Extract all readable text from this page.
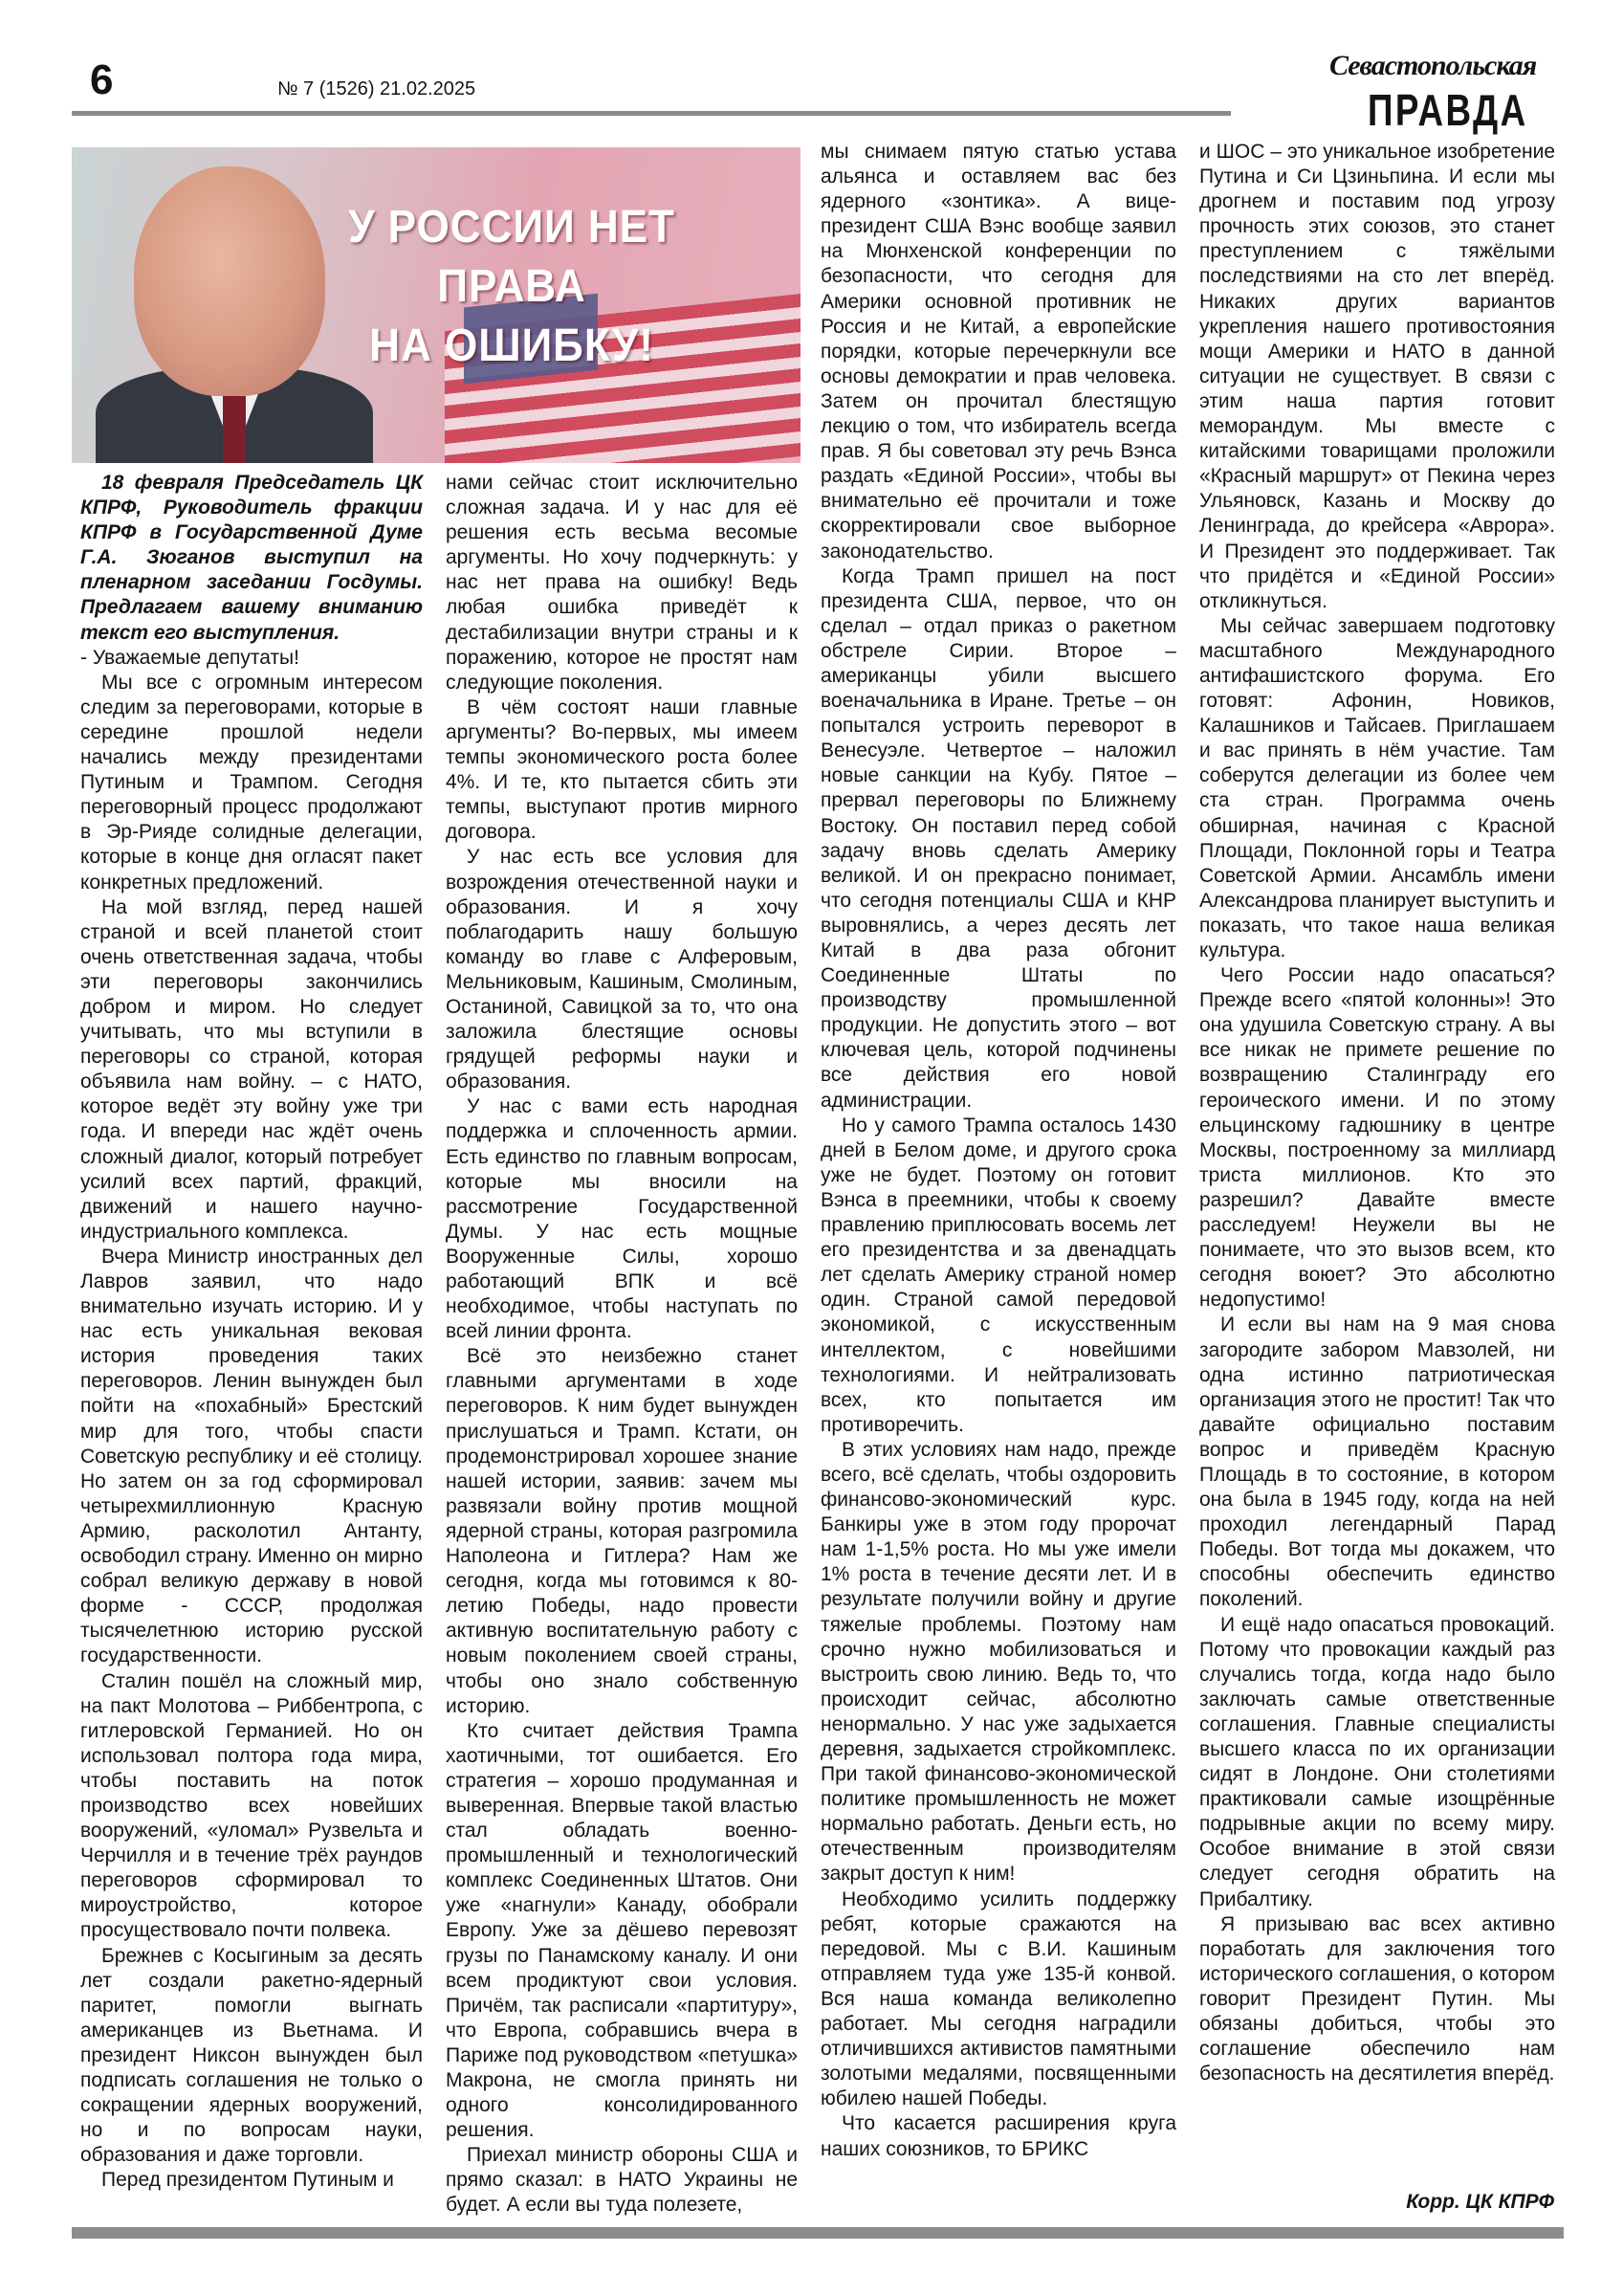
6	№ 7 (1526) 21.02.2025
Севастопольская
ПРАВДА
У РОССИИ НЕТ ПРАВА
НА ОШИБКУ!

18 февраля Председатель ЦК КПРФ, Руководитель фракции КПРФ в Государственной Думе Г.А. Зюганов выступил на пленарном заседании Госдумы. Предлагаем вашему вниманию текст его выступления.

- Уважаемые депутаты!

Мы все с огромным интересом следим за переговорами, которые в середине прошлой недели начались между президентами Путиным и Трампом. Сегодня переговорный процесс продолжают в Эр-Рияде солидные делегации, которые в конце дня огласят пакет конкретных предложений.

На мой взгляд, перед нашей страной и всей планетой стоит очень ответственная задача, чтобы эти переговоры закончились добром и миром. Но следует учитывать, что мы вступили в переговоры со страной, которая объявила нам войну. – с НАТО, которое ведёт эту войну уже три года. И впереди нас ждёт очень сложный диалог, который потребует усилий всех партий, фракций, движений и нашего научно-индустриального комплекса.

Вчера Министр иностранных дел Лавров заявил, что надо внимательно изучать историю. И у нас есть уникальная вековая история проведения таких переговоров. Ленин вынужден был пойти на «похабный» Брестский мир для того, чтобы спасти Советскую республику и её столицу. Но затем он за год сформировал четырехмиллионную Красную Армию, расколотил Антанту, освободил страну. Именно он мирно собрал великую державу в новой форме - СССР, продолжая тысячелетнюю историю русской государственности.

Сталин пошёл на сложный мир, на пакт Молотова – Риббентропа, с гитлеровской Германией. Но он использовал полтора года мира, чтобы поставить на поток производство всех новейших вооружений, «уломал» Рузвельта и Черчилля и в течение трёх раундов переговоров сформировал то мироустройство, которое просуществовало почти полвека.

Брежнев с Косыгиным за десять лет создали ракетно-ядерный паритет, помогли выгнать американцев из Вьетнама. И президент Никсон вынужден был подписать соглашения не только о сокращении ядерных вооружений, но и по вопросам науки, образования и даже торговли.

Перед президентом Путиным и

нами сейчас стоит исключительно сложная задача. И у нас для её решения есть весьма весомые аргументы. Но хочу подчеркнуть: у нас нет права на ошибку! Ведь любая ошибка приведёт к дестабилизации внутри страны и к поражению, которое не простят нам следующие поколения.

В чём состоят наши главные аргументы? Во-первых, мы имеем темпы экономического роста более 4%. И те, кто пытается сбить эти темпы, выступают против мирного договора.

У нас есть все условия для возрождения отечественной науки и образования. И я хочу поблагодарить нашу большую команду во главе с Алферовым, Мельниковым, Кашиным, Смолиным, Останиной, Савицкой за то, что она заложила блестящие основы грядущей реформы науки и образования.

У нас с вами есть народная поддержка и сплоченность армии. Есть единство по главным вопросам, которые мы вносили на рассмотрение Государственной Думы. У нас есть мощные Вооруженные Силы, хорошо работающий ВПК и всё необходимое, чтобы наступать по всей линии фронта.

Всё это неизбежно станет главными аргументами в ходе переговоров. К ним будет вынужден прислушаться и Трамп. Кстати, он продемонстрировал хорошее знание нашей истории, заявив: зачем мы развязали войну против мощной ядерной страны, которая разгромила Наполеона и Гитлера? Нам же сегодня, когда мы готовимся к 80-летию Победы, надо провести активную воспитательную работу с новым поколением своей страны, чтобы оно знало собственную историю.

Кто считает действия Трампа хаотичными, тот ошибается. Его стратегия – хорошо продуманная и выверенная. Впервые такой властью стал обладать военно-промышленный и технологический комплекс Соединенных Штатов. Они уже «нагнули» Канаду, обобрали Европу. Уже за дёшево перевозят грузы по Панамскому каналу. И они всем продиктуют свои условия. Причём, так расписали «партитуру», что Европа, собравшись вчера в Париже под руководством «петушка» Макрона, не смогла принять ни одного консолидированного решения.

Приехал министр обороны США и прямо сказал: в НАТО Украины не будет. А если вы туда полезете,

мы снимаем пятую статью устава альянса и оставляем вас без ядерного «зонтика». А вице-президент США Вэнс вообще заявил на Мюнхенской конференции по безопасности, что сегодня для Америки основной противник не Россия и не Китай, а европейские порядки, которые перечеркнули все основы демократии и прав человека. Затем он прочитал блестящую лекцию о том, что избиратель всегда прав. Я бы советовал эту речь Вэнса раздать «Единой России», чтобы вы внимательно её прочитали и тоже скорректировали свое выборное законодательство.

Когда Трамп пришел на пост президента США, первое, что он сделал – отдал приказ о ракетном обстреле Сирии. Второе – американцы убили высшего военачальника в Иране. Третье – он попытался устроить переворот в Венесуэле. Четвертое – наложил новые санкции на Кубу. Пятое – прервал переговоры по Ближнему Востоку. Он поставил перед собой задачу вновь сделать Америку великой. И он прекрасно понимает, что сегодня потенциалы США и КНР выровнялись, а через десять лет Китай в два раза обгонит Соединенные Штаты по производству промышленной продукции. Не допустить этого – вот ключевая цель, которой подчинены все действия его новой администрации.

Но у самого Трампа осталось 1430 дней в Белом доме, и другого срока уже не будет. Поэтому он готовит Вэнса в преемники, чтобы к своему правлению приплюсовать восемь лет его президентства и за двенадцать лет сделать Америку страной номер один. Страной самой передовой экономикой, с искусственным интеллектом, с новейшими технологиями. И нейтрализовать всех, кто попытается им противоречить.

В этих условиях нам надо, прежде всего, всё сделать, чтобы оздоровить финансово-экономический курс. Банкиры уже в этом году пророчат нам 1-1,5% роста. Но мы уже имели 1% роста в течение десяти лет. И в результате получили войну и другие тяжелые проблемы. Поэтому нам срочно нужно мобилизоваться и выстроить свою линию. Ведь то, что происходит сейчас, абсолютно ненормально. У нас уже задыхается деревня, задыхается стройкомплекс. При такой финансово-экономической политике промышленность не может нормально работать. Деньги есть, но отечественным производителям закрыт доступ к ним!

Необходимо усилить поддержку ребят, которые сражаются на передовой. Мы с В.И. Кашиным отправляем туда уже 135-й конвой. Вся наша команда великолепно работает. Мы сегодня наградили отличившихся активистов памятными золотыми медалями, посвященными юбилею нашей Победы.

Что касается расширения круга наших союзников, то БРИКС

и ШОС – это уникальное изобретение Путина и Си Цзиньпина. И если мы дрогнем и поставим под угрозу прочность этих союзов, это станет преступлением с тяжёлыми последствиями на сто лет вперёд. Никаких других вариантов укрепления нашего противостояния мощи Америки и НАТО в данной ситуации не существует. В связи с этим наша партия готовит меморандум. Мы вместе с китайскими товарищами проложили «Красный маршрут» от Пекина через Ульяновск, Казань и Москву до Ленинграда, до крейсера «Аврора». И Президент это поддерживает. Так что придётся и «Единой России» откликнуться.

Мы сейчас завершаем подготовку масштабного Международного антифашистского форума. Его готовят: Афонин, Новиков, Калашников и Тайсаев. Приглашаем и вас принять в нём участие. Там соберутся делегации из более чем ста стран. Программа очень обширная, начиная с Красной Площади, Поклонной горы и Театра Советской Армии. Ансамбль имени Александрова планирует выступить и показать, что такое наша великая культура.

Чего России надо опасаться? Прежде всего «пятой колонны»! Это она удушила Советскую страну. А вы все никак не примете решение по возвращению Сталинграду его героического имени. И по этому ельцинскому гадюшнику в центре Москвы, построенному за миллиард триста миллионов. Кто это разрешил? Давайте вместе расследуем! Неужели вы не понимаете, что это вызов всем, кто сегодня воюет? Это абсолютно недопустимо!

И если вы нам на 9 мая снова загородите забором Мавзолей, ни одна истинно патриотическая организация этого не простит! Так что давайте официально поставим вопрос и приведём Красную Площадь в то состояние, в котором она была в 1945 году, когда на ней проходил легендарный Парад Победы. Вот тогда мы докажем, что способны обеспечить единство поколений.

И ещё надо опасаться провокаций. Потому что провокации каждый раз случались тогда, когда надо было заключать самые ответственные соглашения. Главные специалисты высшего класса по их организации сидят в Лондоне. Они столетиями практиковали самые изощрённые подрывные акции по всему миру. Особое внимание в этой связи следует сегодня обратить на Прибалтику.

Я призываю вас всех активно поработать для заключения того исторического соглашения, о котором говорит Президент Путин. Мы обязаны добиться, чтобы это соглашение обеспечило нам безопасность на десятилетия вперёд.

Корр. ЦК КПРФ
